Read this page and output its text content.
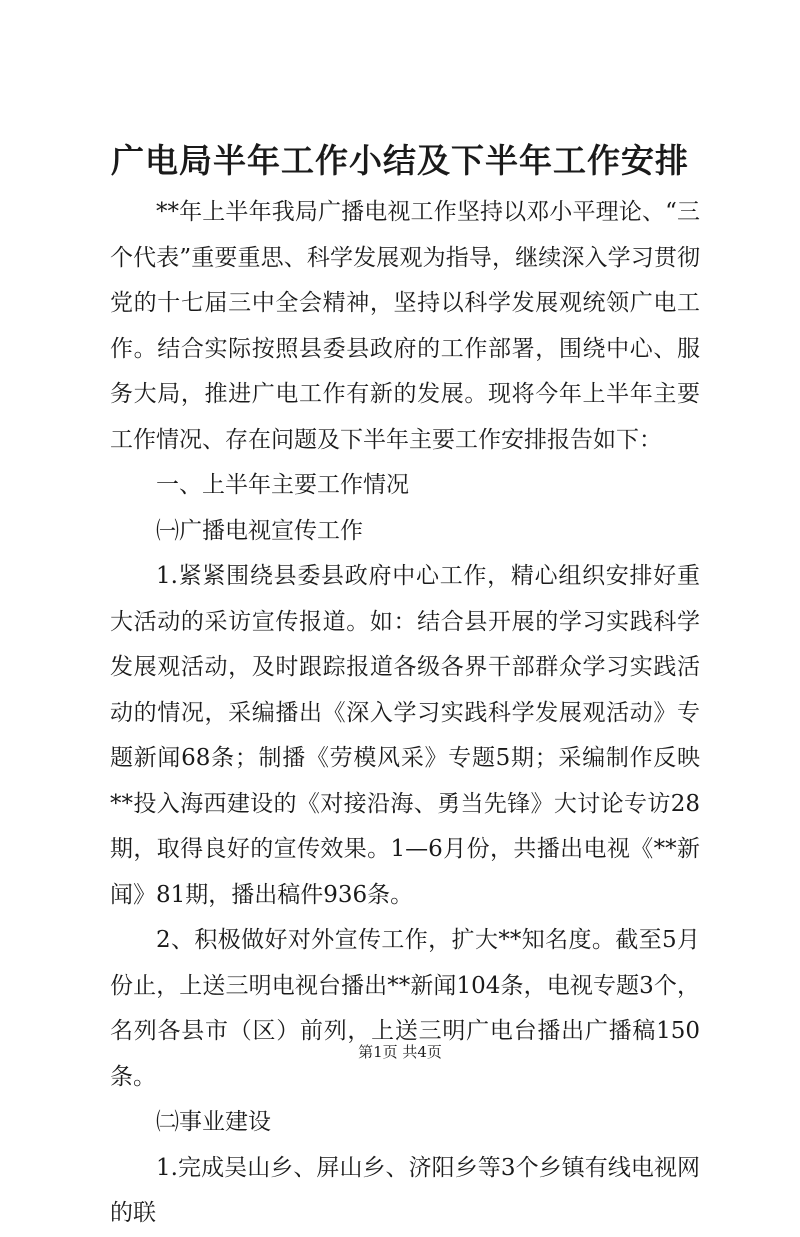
广电局半年工作小结及下半年工作安排

**年上半年我局广播电视工作坚持以邓小平理论、“三个代表”重要重思、科学发展观为指导，继续深入学习贯彻党的十七届三中全会精神，坚持以科学发展观统领广电工作。结合实际按照县委县政府的工作部署，围绕中心、服务大局，推进广电工作有新的发展。现将今年上半年主要工作情况、存在问题及下半年主要工作安排报告如下：

一、上半年主要工作情况

㈠广播电视宣传工作

1.紧紧围绕县委县政府中心工作，精心组织安排好重大活动的采访宣传报道。如：结合县开展的学习实践科学发展观活动，及时跟踪报道各级各界干部群众学习实践活动的情况，采编播出《深入学习实践科学发展观活动》专题新闻68条；制播《劳模风采》专题5期；采编制作反映**投入海西建设的《对接沿海、勇当先锋》大讨论专访28期，取得良好的宣传效果。1—6月份，共播出电视《**新闻》81期，播出稿件936条。

2、积极做好对外宣传工作，扩大**知名度。截至5月份止，上送三明电视台播出**新闻104条，电视专题3个，名列各县市（区）前列，上送三明广电台播出广播稿150条。

㈡事业建设

1.完成吴山乡、屏山乡、济阳乡等3个乡镇有线电视网的联

第1页 共4页
